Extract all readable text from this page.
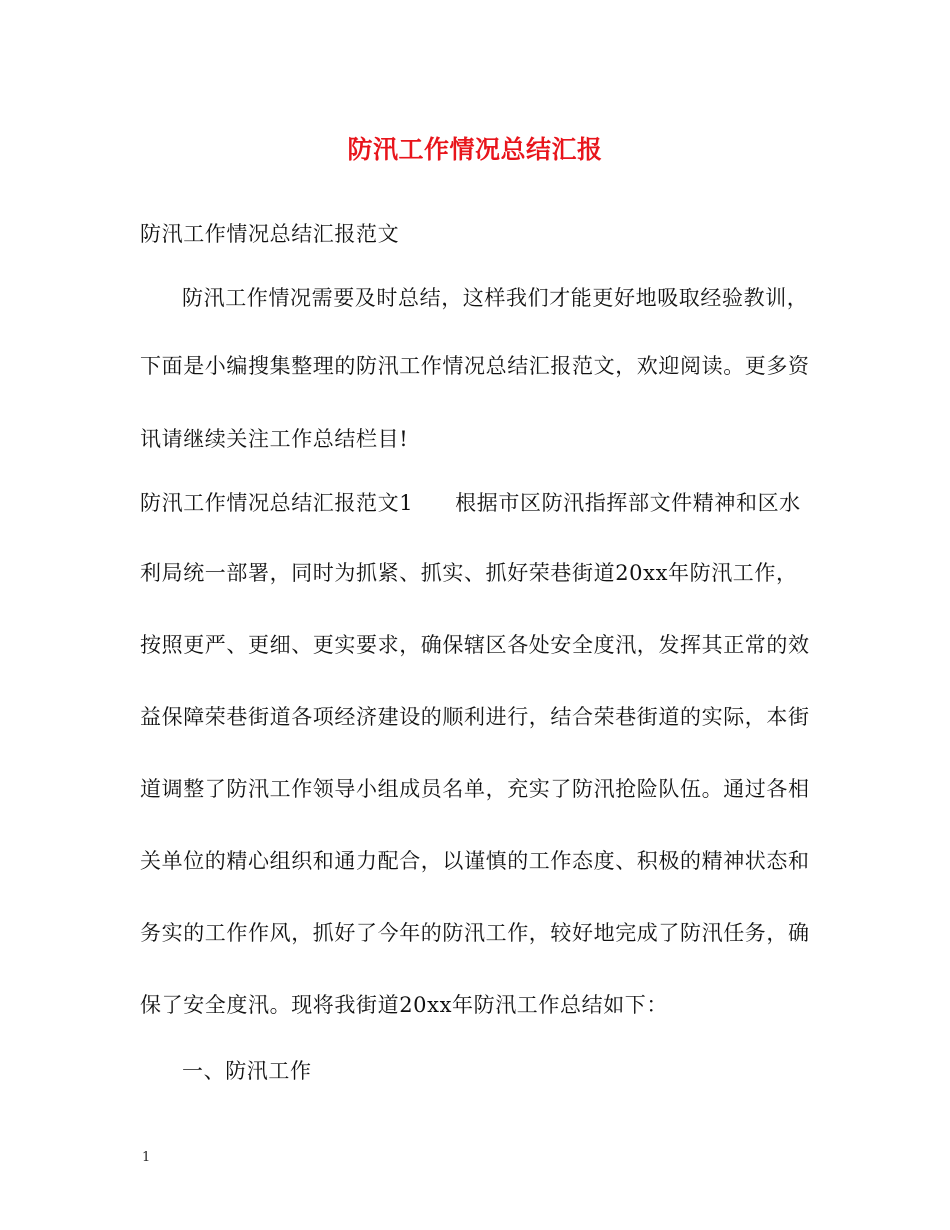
防汛工作情况总结汇报
防汛工作情况总结汇报范文
防汛工作情况需要及时总结，这样我们才能更好地吸取经验教训，
下面是小编搜集整理的防汛工作情况总结汇报范文，欢迎阅读。更多资
讯请继续关注工作总结栏目!
防汛工作情况总结汇报范文1 根据市区防汛指挥部文件精神和区水
利局统一部署，同时为抓紧、抓实、抓好荣巷街道20xx年防汛工作，
按照更严、更细、更实要求，确保辖区各处安全度汛，发挥其正常的效
益保障荣巷街道各项经济建设的顺利进行，结合荣巷街道的实际，本街
道调整了防汛工作领导小组成员名单，充实了防汛抢险队伍。通过各相
关单位的精心组织和通力配合，以谨慎的工作态度、积极的精神状态和
务实的工作作风，抓好了今年的防汛工作，较好地完成了防汛任务，确
保了安全度汛。现将我街道20xx年防汛工作总结如下：
一、防汛工作
1
